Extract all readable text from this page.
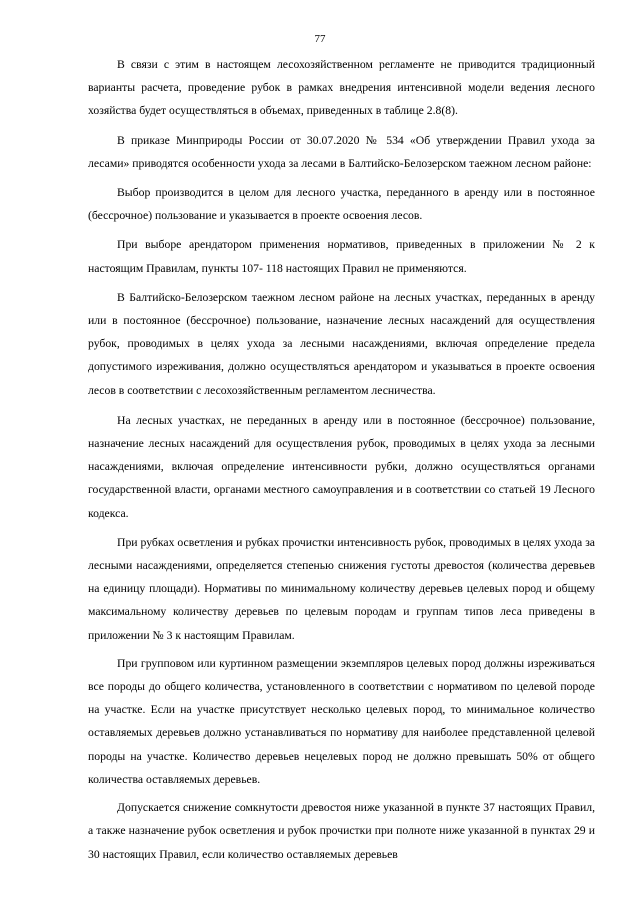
77

В связи с этим в настоящем лесохозяйственном регламенте не приводится традиционный варианты расчета, проведение рубок в рамках внедрения интенсивной модели ведения лесного хозяйства будет осуществляться в объемах, приведенных в таблице 2.8(8).

В приказе Минприроды России от 30.07.2020 № 534 «Об утверждении Правил ухода за лесами» приводятся особенности ухода за лесами в Балтийско-Белозерском таежном лесном районе:

Выбор производится в целом для лесного участка, переданного в аренду или в постоянное (бессрочное) пользование и указывается в проекте освоения лесов.

При выборе арендатором применения нормативов, приведенных в приложении № 2 к настоящим Правилам, пункты 107- 118 настоящих Правил не применяются.

В Балтийско-Белозерском таежном лесном районе на лесных участках, переданных в аренду или в постоянное (бессрочное) пользование, назначение лесных насаждений для осуществления рубок, проводимых в целях ухода за лесными насаждениями, включая определение предела допустимого изреживания, должно осуществляться арендатором и указываться в проекте освоения лесов в соответствии с лесохозяйственным регламентом лесничества.

На лесных участках, не переданных в аренду или в постоянное (бессрочное) пользование, назначение лесных насаждений для осуществления рубок, проводимых в целях ухода за лесными насаждениями, включая определение интенсивности рубки, должно осуществляться органами государственной власти, органами местного самоуправления и в соответствии со статьей 19 Лесного кодекса.

При рубках осветления и рубках прочистки интенсивность рубок, проводимых в целях ухода за лесными насаждениями, определяется степенью снижения густоты древостоя (количества деревьев на единицу площади). Нормативы по минимальному количеству деревьев целевых пород и общему максимальному количеству деревьев по целевым породам и группам типов леса приведены в приложении № 3 к настоящим Правилам.

При групповом или куртинном размещении экземпляров целевых пород должны изреживаться все породы до общего количества, установленного в соответствии с нормативом по целевой породе на участке. Если на участке присутствует несколько целевых пород, то минимальное количество оставляемых деревьев должно устанавливаться по нормативу для наиболее представленной целевой породы на участке. Количество деревьев нецелевых пород не должно превышать 50% от общего количества оставляемых деревьев.

Допускается снижение сомкнутости древостоя ниже указанной в пункте 37 настоящих Правил, а также назначение рубок осветления и рубок прочистки при полноте ниже указанной в пунктах 29 и 30 настоящих Правил, если количество оставляемых деревьев
